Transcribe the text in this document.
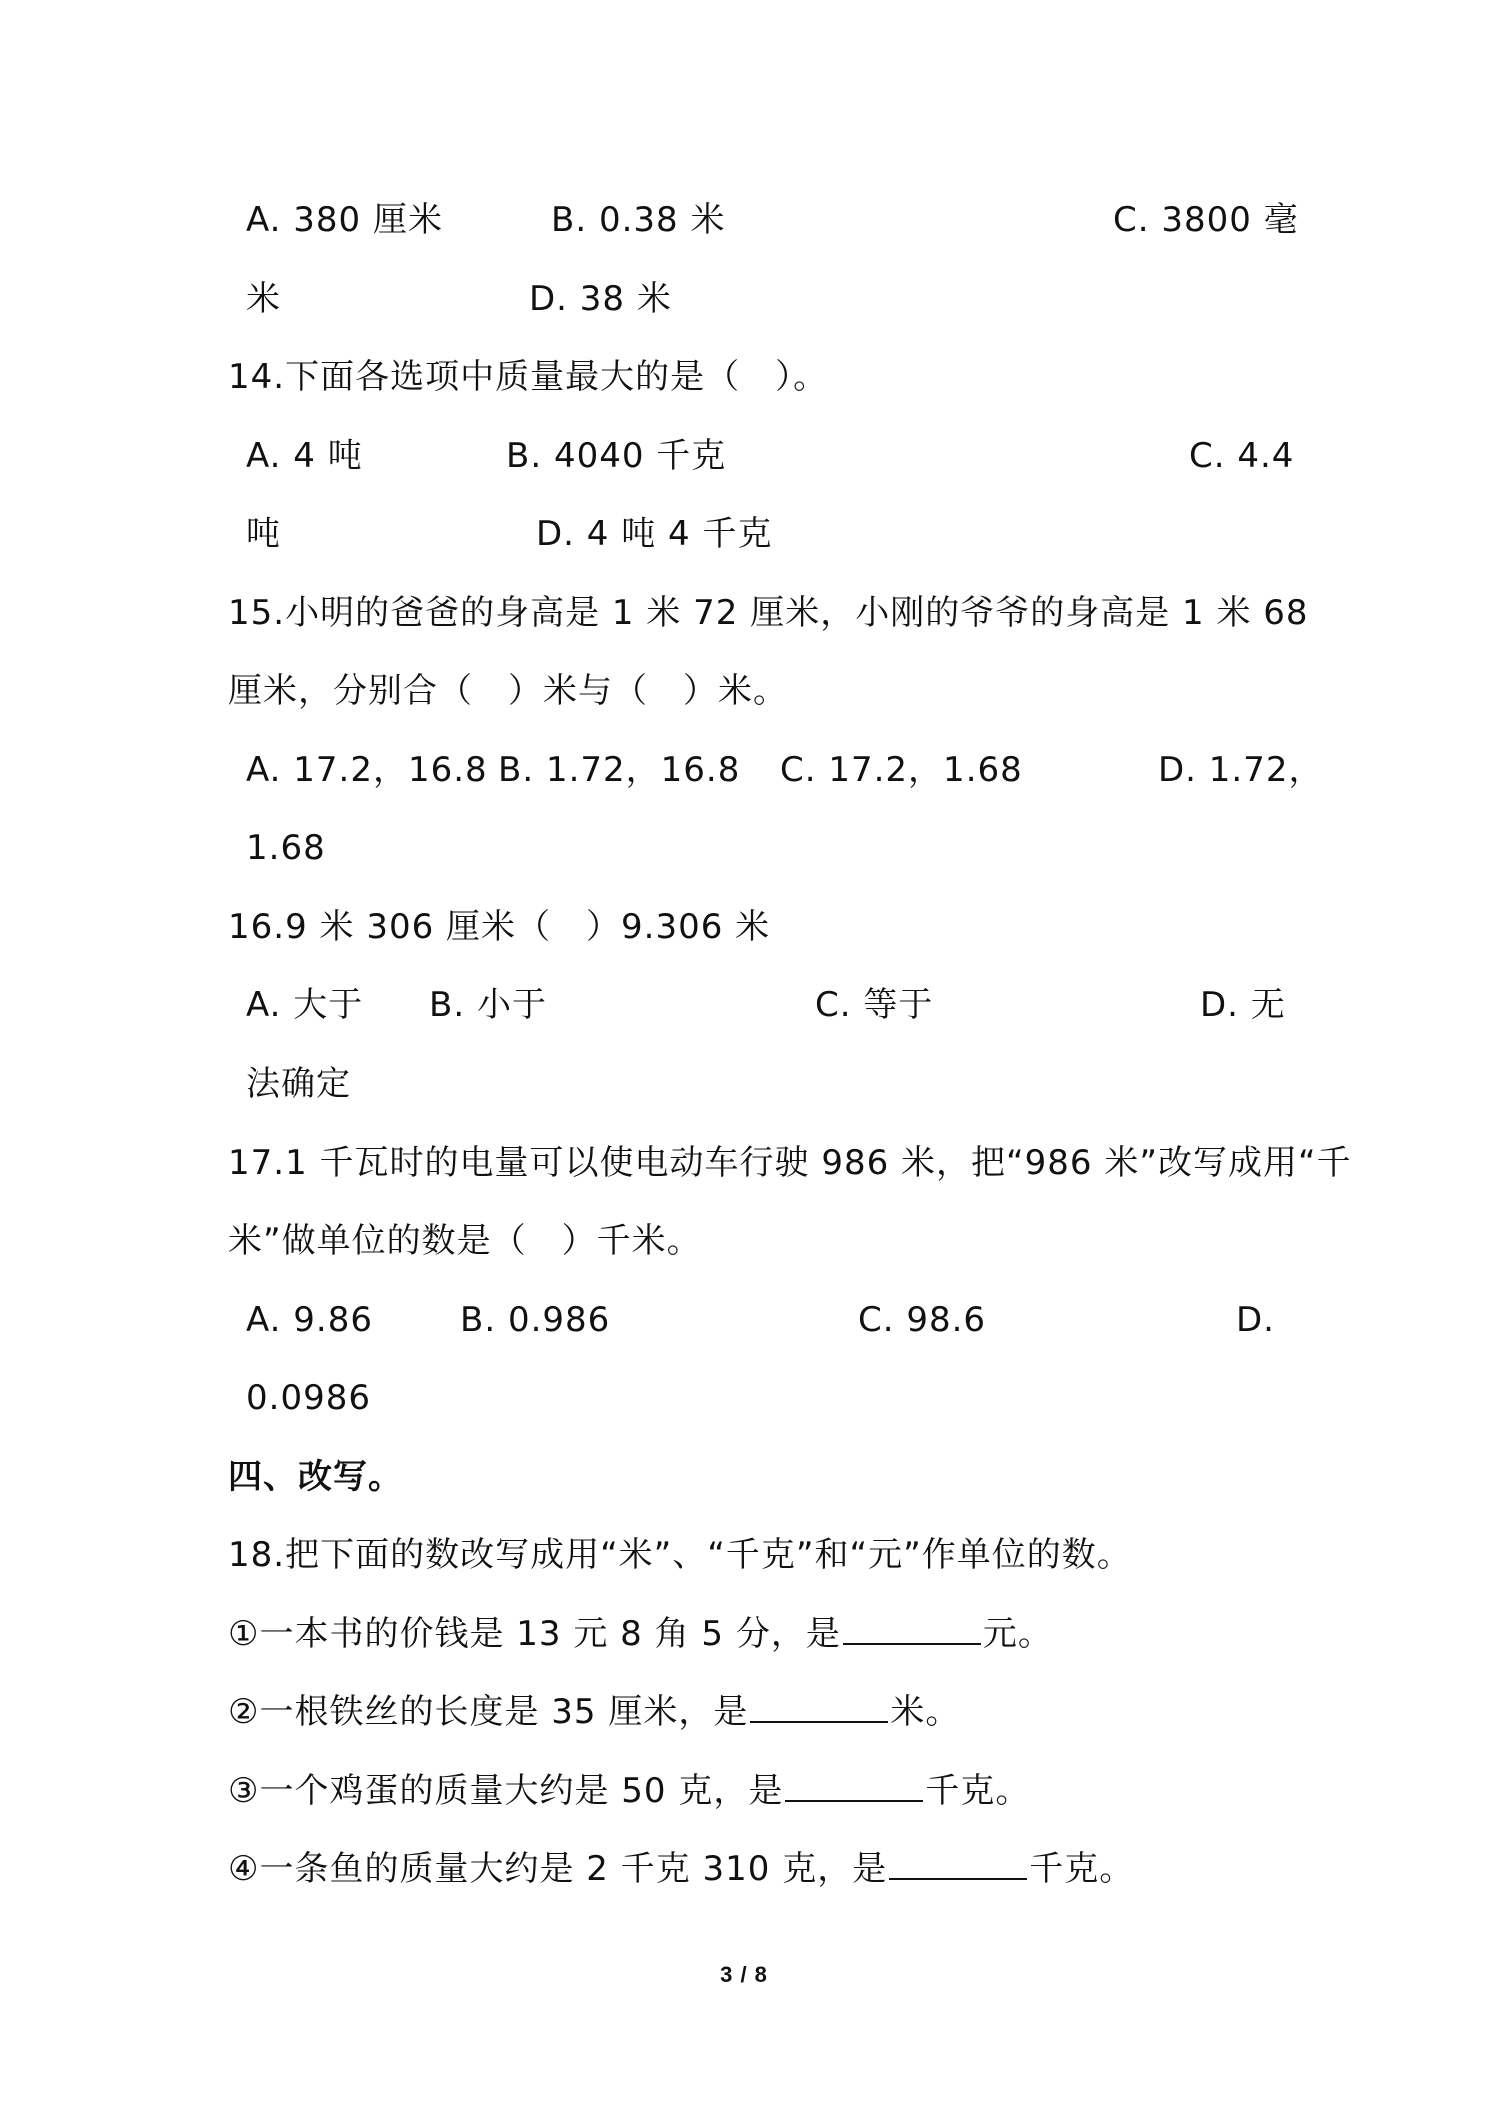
A. 380 厘米	B. 0.38 米	C. 3800 毫
米	D. 38 米
14.下面各选项中质量最大的是（　）。
A. 4 吨	B. 4040 千克	C. 4.4
吨	D. 4 吨 4 千克
15.小明的爸爸的身高是 1 米 72 厘米，小刚的爷爷的身高是 1 米 68
厘米，分别合（　）米与（　）米。
A. 17.2，16.8 B. 1.72，16.8 C. 17.2，1.68	D. 1.72，
1.68
16.9 米 306 厘米（　）9.306 米
A. 大于 B. 小于	C. 等于	D. 无
法确定
17.1 千瓦时的电量可以使电动车行驶 986 米，把“986 米”改写成用“千
米”做单位的数是（　）千米。
A. 9.86	B. 0.986	C. 98.6	D.
0.0986
四、改写。
18.把下面的数改写成用“米”、“千克”和“元”作单位的数。
①一本书的价钱是 13 元 8 角 5 分，是	元。
②一根铁丝的长度是 35 厘米，是	米。
③一个鸡蛋的质量大约是 50 克，是	千克。
④一条鱼的质量大约是 2 千克 310 克，是	千克。
3 / 8
